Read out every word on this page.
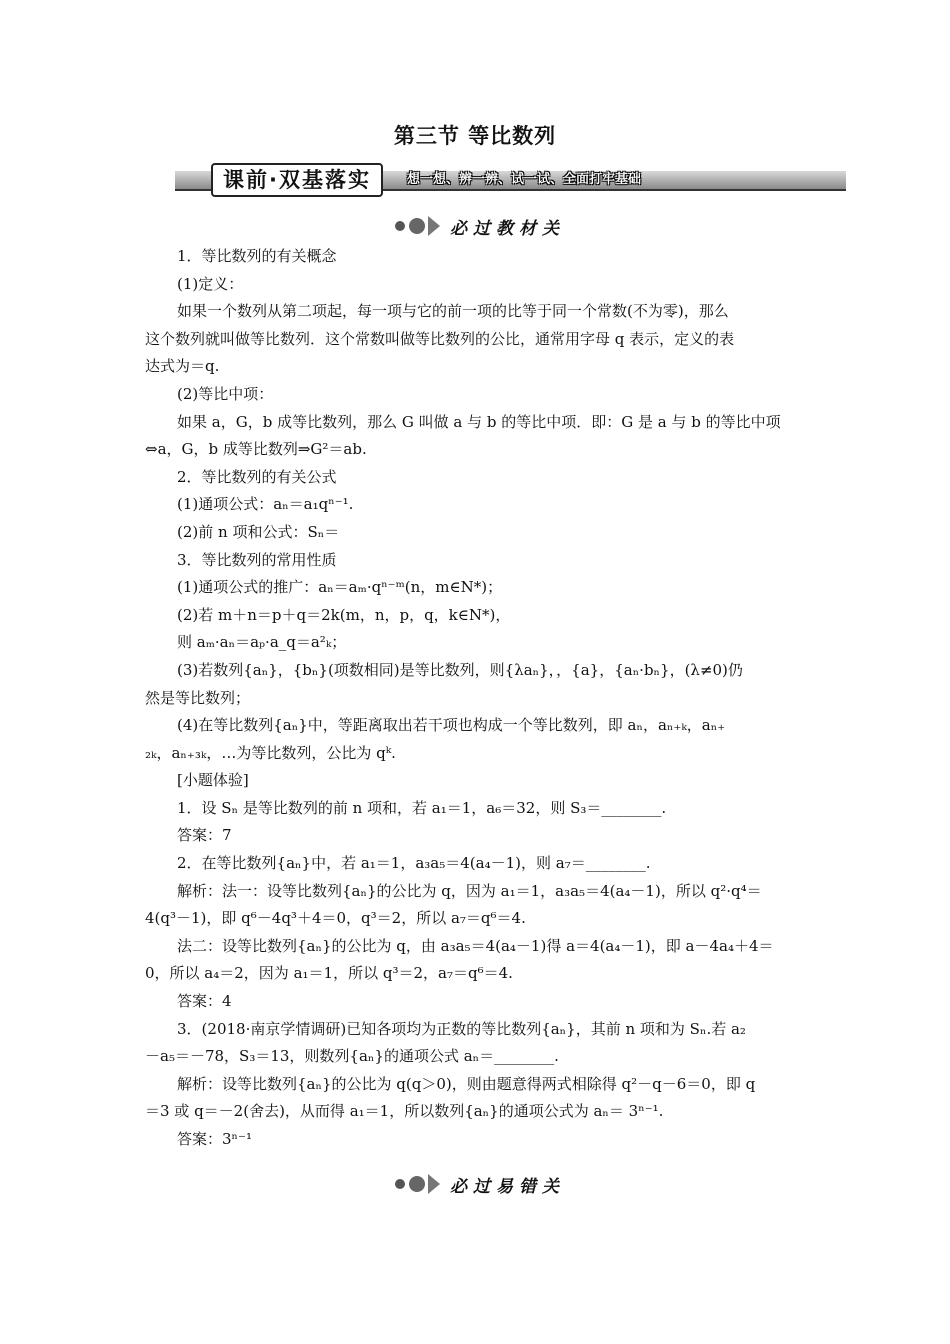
第三节 等比数列
课前·双基落实	想一想、辨一辨、试一试、全面打牢基础
必过教材关

1．等比数列的有关概念

(1)定义：

如果一个数列从第二项起，每一项与它的前一项的比等于同一个常数(不为零)，那么

这个数列就叫做等比数列．这个常数叫做等比数列的公比，通常用字母 q 表示，定义的表

达式为＝q.

(2)等比中项：

如果 a，G，b 成等比数列，那么 G 叫做 a 与 b 的等比中项．即：G 是 a 与 b 的等比中项

⇔a，G，b 成等比数列⇒G²＝ab.

2．等比数列的有关公式

(1)通项公式：aₙ＝a₁qⁿ⁻¹.

(2)前 n 项和公式：Sₙ＝

3．等比数列的常用性质

(1)通项公式的推广：aₙ＝aₘ·qⁿ⁻ᵐ(n，m∈N*)；

(2)若 m＋n＝p＋q＝2k(m，n，p，q，k∈N*)，

则 aₘ·aₙ＝aₚ·a_q＝a²ₖ；

(3)若数列{aₙ}，{bₙ}(项数相同)是等比数列，则{λaₙ}，，{a}，{aₙ·bₙ}，(λ≠0)仍

然是等比数列；

(4)在等比数列{aₙ}中，等距离取出若干项也构成一个等比数列，即 aₙ，aₙ₊ₖ，aₙ₊

₂ₖ，aₙ₊₃ₖ，…为等比数列，公比为 qᵏ.

[小题体验]

1．设 Sₙ 是等比数列的前 n 项和，若 a₁＝1，a₆＝32，则 S₃＝________.

答案：7

2．在等比数列{aₙ}中，若 a₁＝1，a₃a₅＝4(a₄－1)，则 a₇＝________.

解析：法一：设等比数列{aₙ}的公比为 q，因为 a₁＝1，a₃a₅＝4(a₄－1)，所以 q²·q⁴＝

4(q³－1)，即 q⁶－4q³＋4＝0，q³＝2，所以 a₇＝q⁶＝4.

法二：设等比数列{aₙ}的公比为 q，由 a₃a₅＝4(a₄－1)得 a＝4(a₄－1)，即 a－4a₄＋4＝

0，所以 a₄＝2，因为 a₁＝1，所以 q³＝2，a₇＝q⁶＝4.

答案：4

3．(2018·南京学情调研)已知各项均为正数的等比数列{aₙ}，其前 n 项和为 Sₙ.若 a₂

－a₅＝－78，S₃＝13，则数列{aₙ}的通项公式 aₙ＝________.

解析：设等比数列{aₙ}的公比为 q(q＞0)，则由题意得两式相除得 q²－q－6＝0，即 q

＝3 或 q＝－2(舍去)，从而得 a₁＝1，所以数列{aₙ}的通项公式为 aₙ＝ 3ⁿ⁻¹.

答案：3ⁿ⁻¹

必过易错关
